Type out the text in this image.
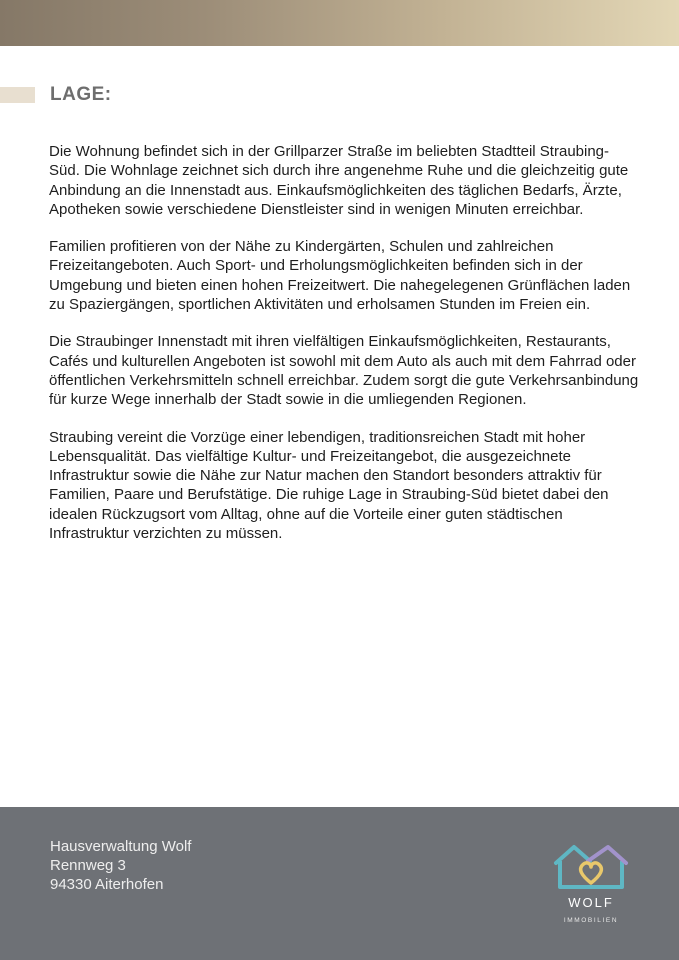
LAGE:

Die Wohnung befindet sich in der Grillparzer Straße im beliebten Stadtteil Straubing-Süd. Die Wohnlage zeichnet sich durch ihre angenehme Ruhe und die gleichzeitig gute Anbindung an die Innenstadt aus. Einkaufsmöglichkeiten des täglichen Bedarfs, Ärzte, Apotheken sowie verschiedene Dienstleister sind in wenigen Minuten erreichbar.

Familien profitieren von der Nähe zu Kindergärten, Schulen und zahlreichen Freizeitangeboten. Auch Sport- und Erholungsmöglichkeiten befinden sich in der Umgebung und bieten einen hohen Freizeitwert. Die nahegelegenen Grünflächen laden zu Spaziergängen, sportlichen Aktivitäten und erholsamen Stunden im Freien ein.

Die Straubinger Innenstadt mit ihren vielfältigen Einkaufsmöglichkeiten, Restaurants, Cafés und kulturellen Angeboten ist sowohl mit dem Auto als auch mit dem Fahrrad oder öffentlichen Verkehrsmitteln schnell erreichbar. Zudem sorgt die gute Verkehrsanbindung für kurze Wege innerhalb der Stadt sowie in die umliegenden Regionen.

Straubing vereint die Vorzüge einer lebendigen, traditionsreichen Stadt mit hoher Lebensqualität. Das vielfältige Kultur- und Freizeitangebot, die ausgezeichnete Infrastruktur sowie die Nähe zur Natur machen den Standort besonders attraktiv für Familien, Paare und Berufstätige. Die ruhige Lage in Straubing-Süd bietet dabei den idealen Rückzugsort vom Alltag, ohne auf die Vorteile einer guten städtischen Infrastruktur verzichten zu müssen.

Hausverwaltung Wolf
Rennweg 3
94330 Aiterhofen
WOLF
IMMOBILIEN
